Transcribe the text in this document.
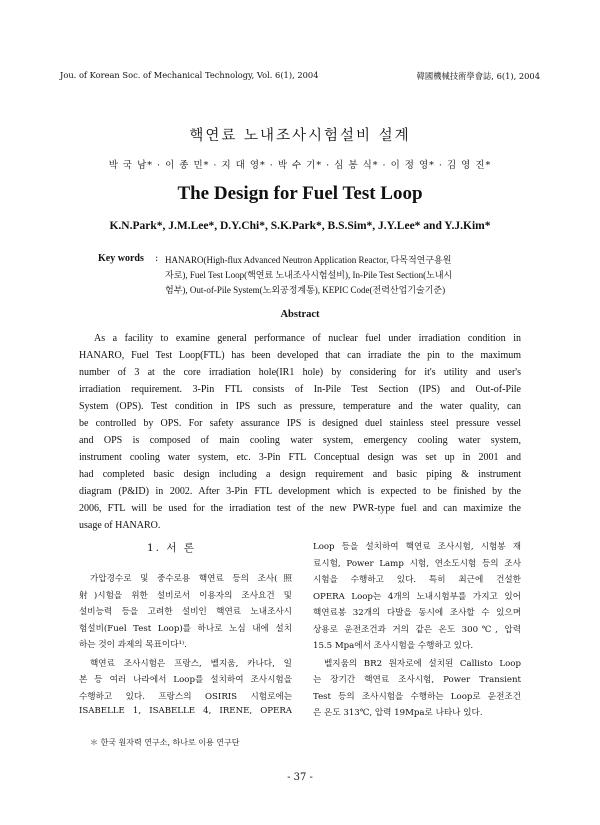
Jou. of Korean Soc. of Mechanical Technology, Vol. 6(1), 2004	韓國機械技術學會誌, 6(1), 2004
핵연료 노내조사시험설비 설계
박 국 남* · 이 종 민* · 지 대 영* · 박 수 기* · 심 봉 식* · 이 정 영* · 김 영 진*
The Design for Fuel Test Loop
K.N.Park*, J.M.Lee*, D.Y.Chi*, S.K.Park*, B.S.Sim*, J.Y.Lee* and Y.J.Kim*
Key words : HANARO(High-flux Advanced Neutron Application Reactor, 다목적연구용원
자로), Fuel Test Loop(핵연료 노내조사시험설비), In-Pile Test Section(노내시
험부), Out-of-Pile System(노외공정계통), KEPIC Code(전력산업기술기준)
Abstract
As a facility to examine general performance of nuclear fuel under irradiation condition in
HANARO, Fuel Test Loop(FTL) has been developed that can irradiate the pin to the maximum
number of 3 at the core irradiation hole(IR1 hole) by considering for it's utility and user's
irradiation requirement. 3-Pin FTL consists of In-Pile Test Section (IPS) and Out-of-Pile
System (OPS). Test condition in IPS such as pressure, temperature and the water quality, can
be controlled by OPS. For safety assurance IPS is designed duel stainless steel pressure vessel
and OPS is composed of main cooling water system, emergency cooling water system,
instrument cooling water system, etc. 3-Pin FTL Conceptual design was set up in 2001 and
had completed basic design including a design requirement and basic piping & instrument
diagram (P&ID) in 2002. After 3-Pin FTL development which is expected to be finished by the
2006, FTL will be used for the irradiation test of the new PWR-type fuel and can maximize the
usage of HANARO.
1. 서 론
＊ 한국 원자력 연구소, 하나로 이용 연구단
- 37 -
가압경수로 및 중수로용 핵연료 등의 조사(照
射)시험을 위한 설비로서 이용자의 조사요건 및
설비능력 등을 고려한 설비인 핵연료 노내조사시
험설비(Fuel Test Loop)를 하나로 노심 내에 설치
하는 것이 과제의 목표이다¹⁾.
핵연료 조사시험은 프랑스, 벨지움, 카나다, 일
본 등 여러 나라에서 Loop를 설치하여 조사시험을
수행하고 있다. 프랑스의 OSIRIS 시험로에는
ISABELLE 1, ISABELLE 4, IRENE, OPERA
Loop 등을 설치하여 핵연료 조사시험, 시험봉 재
료시험, Power Lamp 시험, 연소도시험 등의 조사
시험을 수행하고 있다. 특히 최근에 건설한
OPERA Loop는 4개의 노내시험부를 가지고 있어
핵연료봉 32개의 다발을 동시에 조사할 수 있으며
상용로 운전조건과 거의 같은 온도 300℃, 압력
15.5 Mpa에서 조사시험을 수행하고 있다.
벨지움의 BR2 원자로에 설치된 Callisto Loop
는 장기간 핵연료 조사시험, Power Transient
Test 등의 조사시험을 수행하는 Loop로 운전조건
은 온도 313℃, 압력 19Mpa로 나타나 있다.
